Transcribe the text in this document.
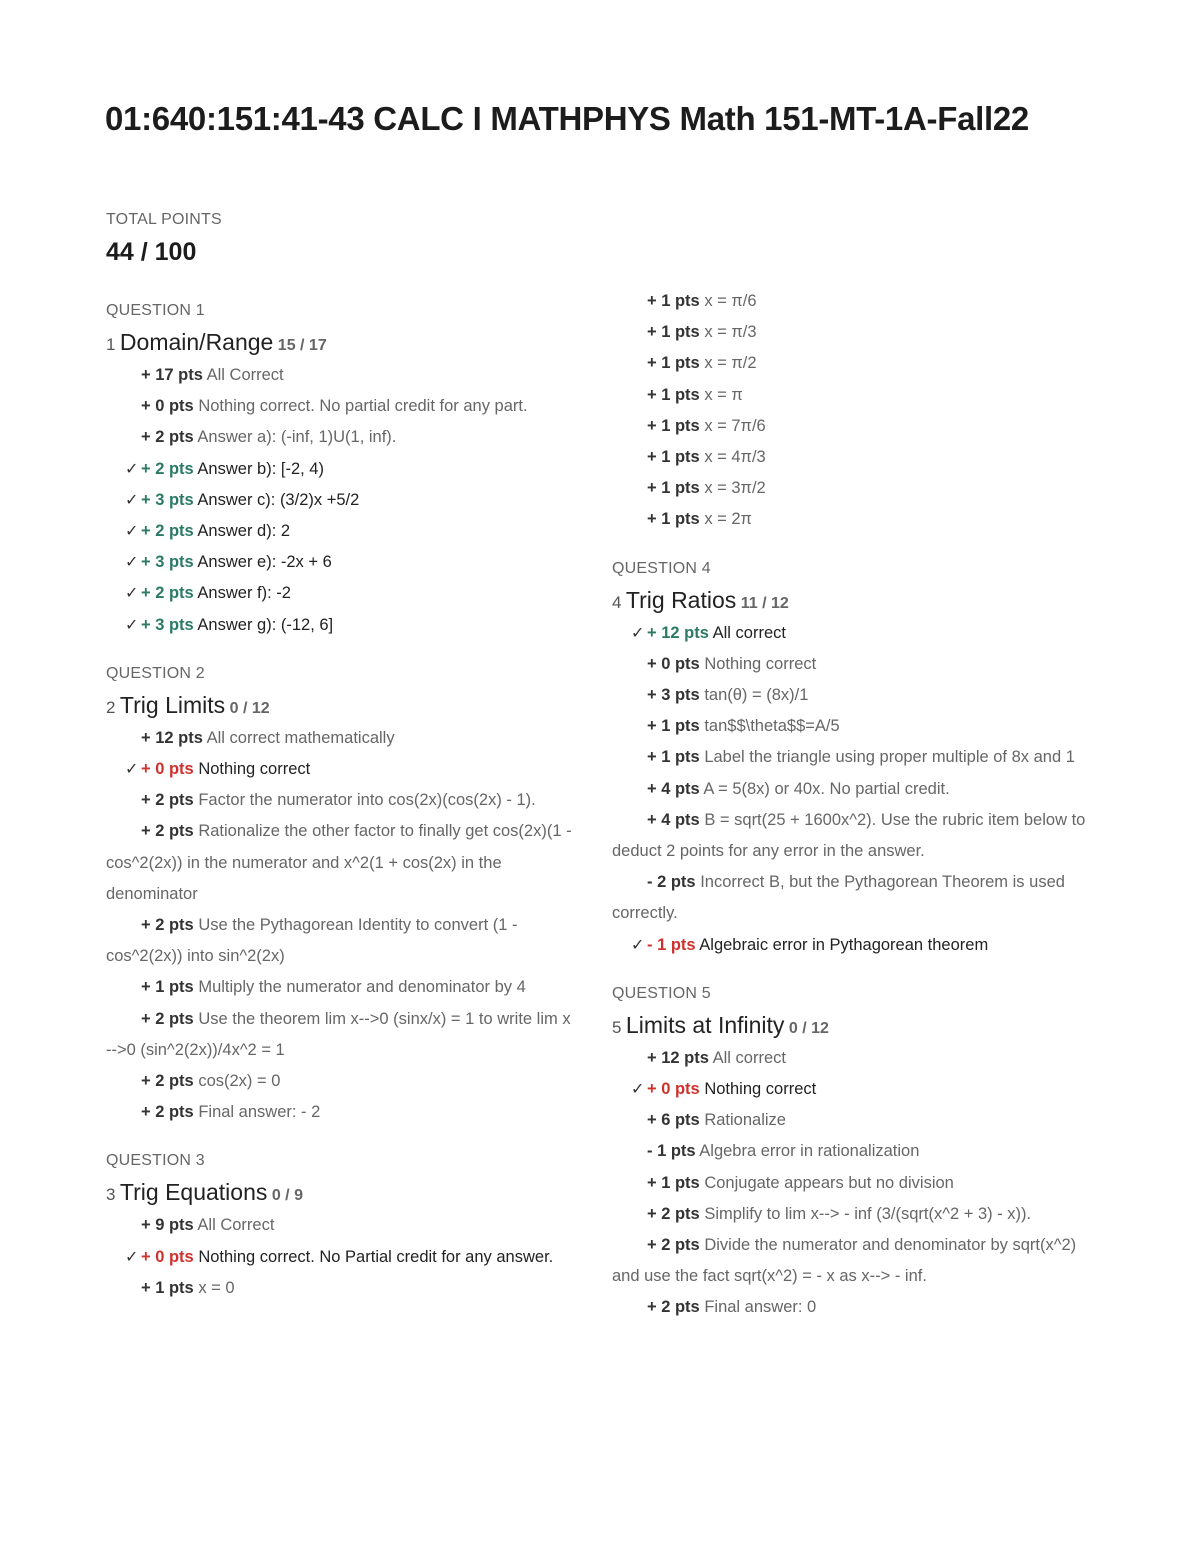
01:640:151:41-43 CALC I MATHPHYS Math 151-MT-1A-Fall22
TOTAL POINTS
44 / 100
QUESTION 1
1 Domain/Range 15 / 17
+ 17 pts All Correct
+ 0 pts Nothing correct. No partial credit for any part.
+ 2 pts Answer a): (-inf, 1)U(1, inf).
✓ + 2 pts Answer b): [-2, 4)
✓ + 3 pts Answer c): (3/2)x +5/2
✓ + 2 pts Answer d): 2
✓ + 3 pts Answer e): -2x + 6
✓ + 2 pts Answer f): -2
✓ + 3 pts Answer g): (-12, 6]
QUESTION 2
2 Trig Limits 0 / 12
+ 12 pts All correct mathematically
✓ + 0 pts Nothing correct
+ 2 pts Factor the numerator into cos(2x)(cos(2x) - 1).
+ 2 pts Rationalize the other factor to finally get cos(2x)(1 - cos^2(2x)) in the numerator and x^2(1 + cos(2x) in the denominator
+ 2 pts Use the Pythagorean Identity to convert (1 - cos^2(2x)) into sin^2(2x)
+ 1 pts Multiply the numerator and denominator by 4
+ 2 pts Use the theorem lim x-->0 (sinx/x) = 1 to write lim x -->0 (sin^2(2x))/4x^2 = 1
+ 2 pts cos(2x) = 0
+ 2 pts Final answer: - 2
QUESTION 3
3 Trig Equations 0 / 9
+ 9 pts All Correct
✓ + 0 pts Nothing correct. No Partial credit for any answer.
+ 1 pts x = 0
+ 1 pts x = π/6
+ 1 pts x = π/3
+ 1 pts x = π/2
+ 1 pts x = π
+ 1 pts x = 7π/6
+ 1 pts x = 4π/3
+ 1 pts x = 3π/2
+ 1 pts x = 2π
QUESTION 4
4 Trig Ratios 11 / 12
✓ + 12 pts All correct
+ 0 pts Nothing correct
+ 3 pts tan(θ) = (8x)/1
+ 1 pts tan$$\theta$$=A/5
+ 1 pts Label the triangle using proper multiple of 8x and 1
+ 4 pts A = 5(8x) or 40x. No partial credit.
+ 4 pts B = sqrt(25 + 1600x^2). Use the rubric item below to deduct 2 points for any error in the answer.
- 2 pts Incorrect B, but the Pythagorean Theorem is used correctly.
✓ - 1 pts Algebraic error in Pythagorean theorem
QUESTION 5
5 Limits at Infinity 0 / 12
+ 12 pts All correct
✓ + 0 pts Nothing correct
+ 6 pts Rationalize
- 1 pts Algebra error in rationalization
+ 1 pts Conjugate appears but no division
+ 2 pts Simplify to lim x--> - inf (3/(sqrt(x^2 + 3) - x)).
+ 2 pts Divide the numerator and denominator by sqrt(x^2) and use the fact sqrt(x^2) = - x as x--> - inf.
+ 2 pts Final answer: 0
